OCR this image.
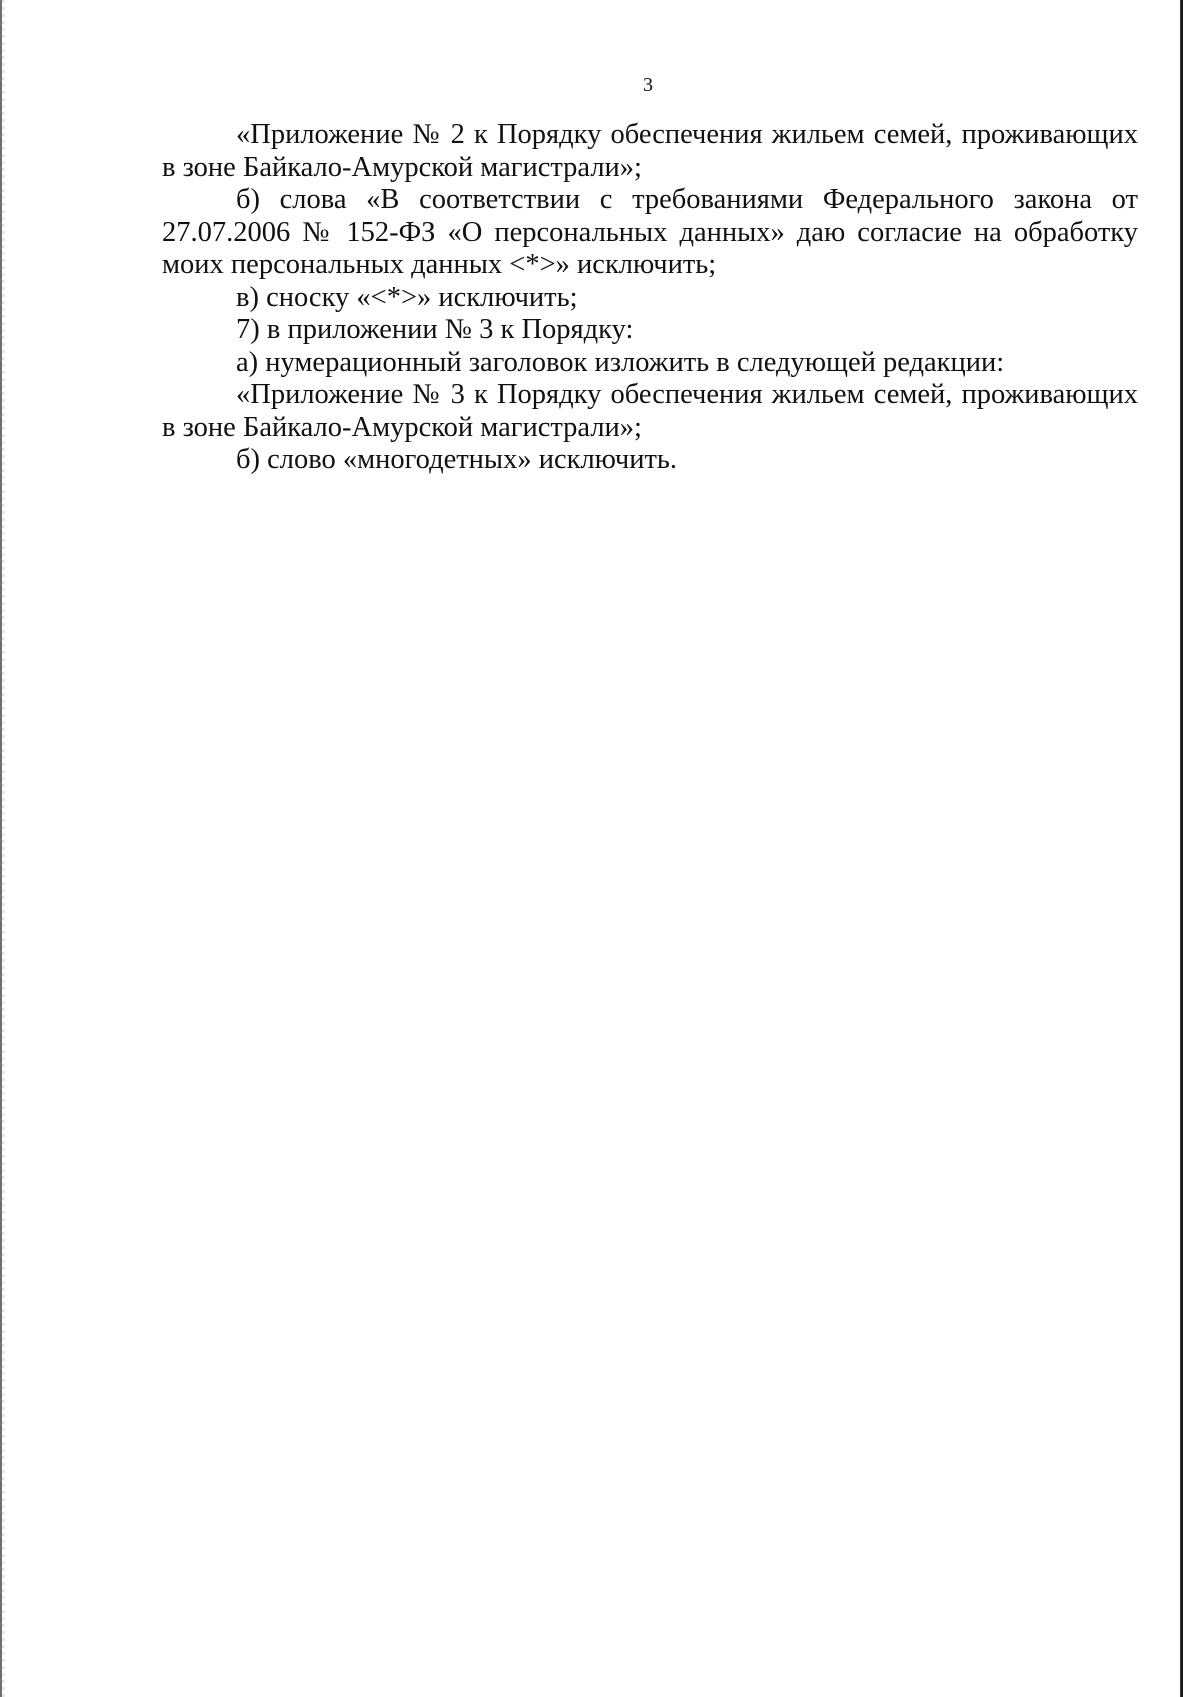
3

«Приложение № 2 к Порядку обеспечения жильем семей, проживающих в зоне Байкало-Амурской магистрали»;

б) слова «В соответствии с требованиями Федерального закона от 27.07.2006 № 152-ФЗ «О персональных данных» даю согласие на обработку моих персональных данных <*>» исключить;

в) сноску «<*>» исключить;

7) в приложении № 3 к Порядку:

а) нумерационный заголовок изложить в следующей редакции:

«Приложение № 3 к Порядку обеспечения жильем семей, проживающих в зоне Байкало-Амурской магистрали»;

б) слово «многодетных» исключить.
